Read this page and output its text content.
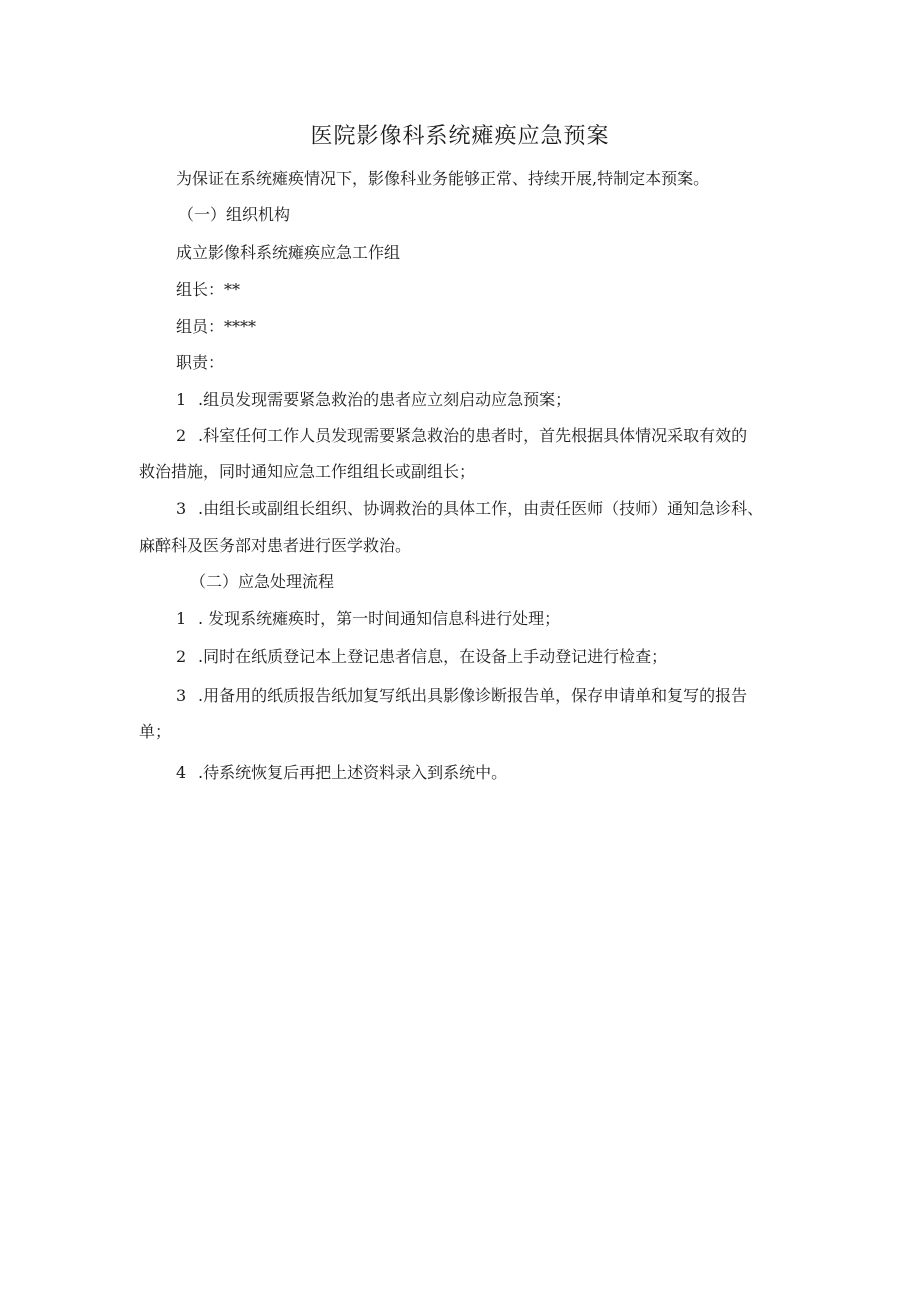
医院影像科系统瘫痪应急预案
为保证在系统瘫痪情况下，影像科业务能够正常、持续开展,特制定本预案。
（一）组织机构
成立影像科系统瘫痪应急工作组
组长：**
组员：****
职责：
1 .组员发现需要紧急救治的患者应立刻启动应急预案；
2 .科室任何工作人员发现需要紧急救治的患者时，首先根据具体情况采取有效的
救治措施，同时通知应急工作组组长或副组长；
3 .由组长或副组长组织、协调救治的具体工作，由责任医师（技师）通知急诊科、
麻醉科及医务部对患者进行医学救治。
（二）应急处理流程
1 . 发现系统瘫痪时，第一时间通知信息科进行处理；
2 .同时在纸质登记本上登记患者信息，在设备上手动登记进行检查；
3 .用备用的纸质报告纸加复写纸出具影像诊断报告单，保存申请单和复写的报告
单；
4 .待系统恢复后再把上述资料录入到系统中。
